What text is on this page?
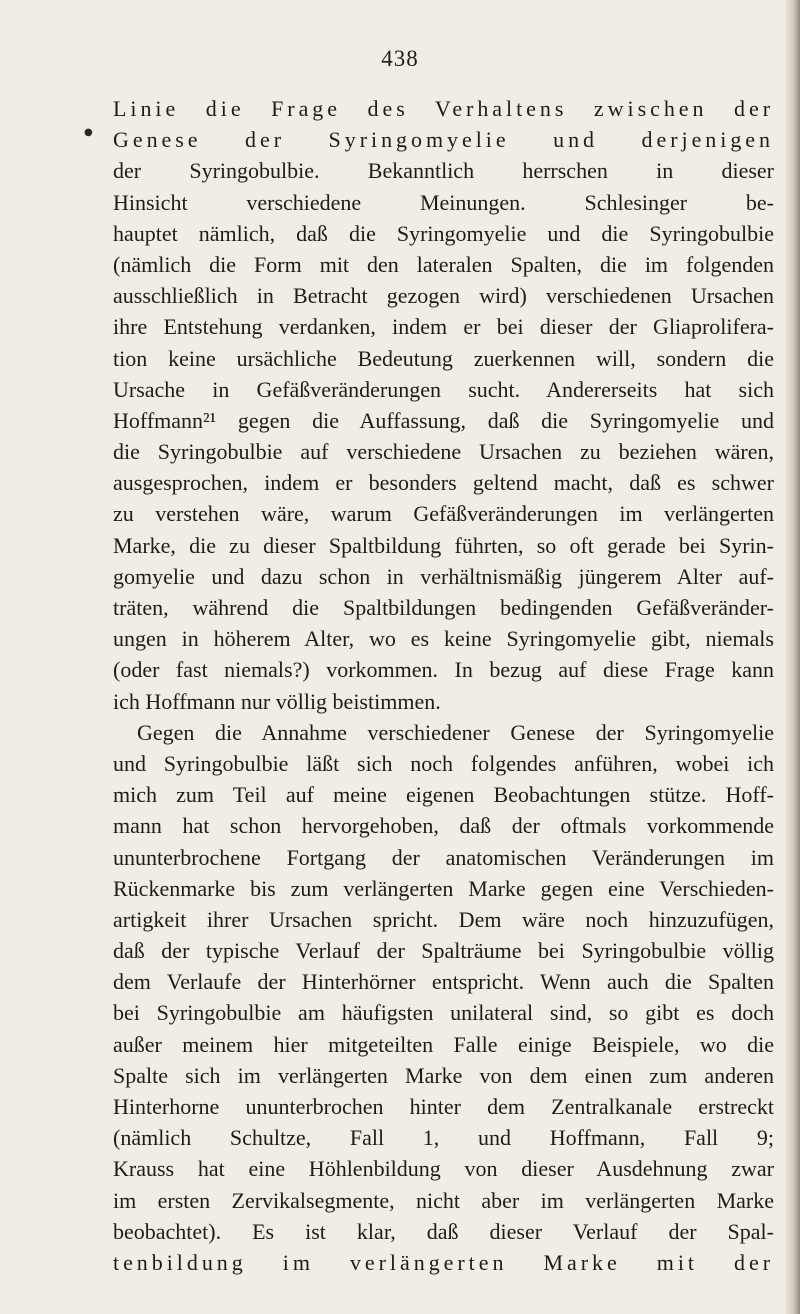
438
●
Linie die Frage des Verhaltens zwischen der
Genese der Syringomyelie und derjenigen
der Syringobulbie. Bekanntlich herrschen in dieser
Hinsicht verschiedene Meinungen. Schlesinger be-
hauptet nämlich, daß die Syringomyelie und die Syringobulbie
(nämlich die Form mit den lateralen Spalten, die im folgenden
ausschließlich in Betracht gezogen wird) verschiedenen Ursachen
ihre Entstehung verdanken, indem er bei dieser der Gliaprolifera-
tion keine ursächliche Bedeutung zuerkennen will, sondern die
Ursache in Gefäßveränderungen sucht. Andererseits hat sich
Hoffmann²¹ gegen die Auffassung, daß die Syringomyelie und
die Syringobulbie auf verschiedene Ursachen zu beziehen wären,
ausgesprochen, indem er besonders geltend macht, daß es schwer
zu verstehen wäre, warum Gefäßveränderungen im verlängerten
Marke, die zu dieser Spaltbildung führten, so oft gerade bei Syrin-
gomyelie und dazu schon in verhältnismäßig jüngerem Alter auf-
träten, während die Spaltbildungen bedingenden Gefäßveränder-
ungen in höherem Alter, wo es keine Syringomyelie gibt, niemals
(oder fast niemals?) vorkommen. In bezug auf diese Frage kann
ich Hoffmann nur völlig beistimmen.
Gegen die Annahme verschiedener Genese der Syringomyelie
und Syringobulbie läßt sich noch folgendes anführen, wobei ich
mich zum Teil auf meine eigenen Beobachtungen stütze. Hoff-
mann hat schon hervorgehoben, daß der oftmals vorkommende
ununterbrochene Fortgang der anatomischen Veränderungen im
Rückenmarke bis zum verlängerten Marke gegen eine Verschieden-
artigkeit ihrer Ursachen spricht. Dem wäre noch hinzuzufügen,
daß der typische Verlauf der Spalträume bei Syringobulbie völlig
dem Verlaufe der Hinterhörner entspricht. Wenn auch die Spalten
bei Syringobulbie am häufigsten unilateral sind, so gibt es doch
außer meinem hier mitgeteilten Falle einige Beispiele, wo die
Spalte sich im verlängerten Marke von dem einen zum anderen
Hinterhorne ununterbrochen hinter dem Zentralkanale erstreckt
(nämlich Schultze, Fall 1, und Hoffmann, Fall 9;
Krauss hat eine Höhlenbildung von dieser Ausdehnung zwar
im ersten Zervikalsegmente, nicht aber im verlängerten Marke
beobachtet). Es ist klar, daß dieser Verlauf der Spal-
tenbildung im verlängerten Marke mit der
